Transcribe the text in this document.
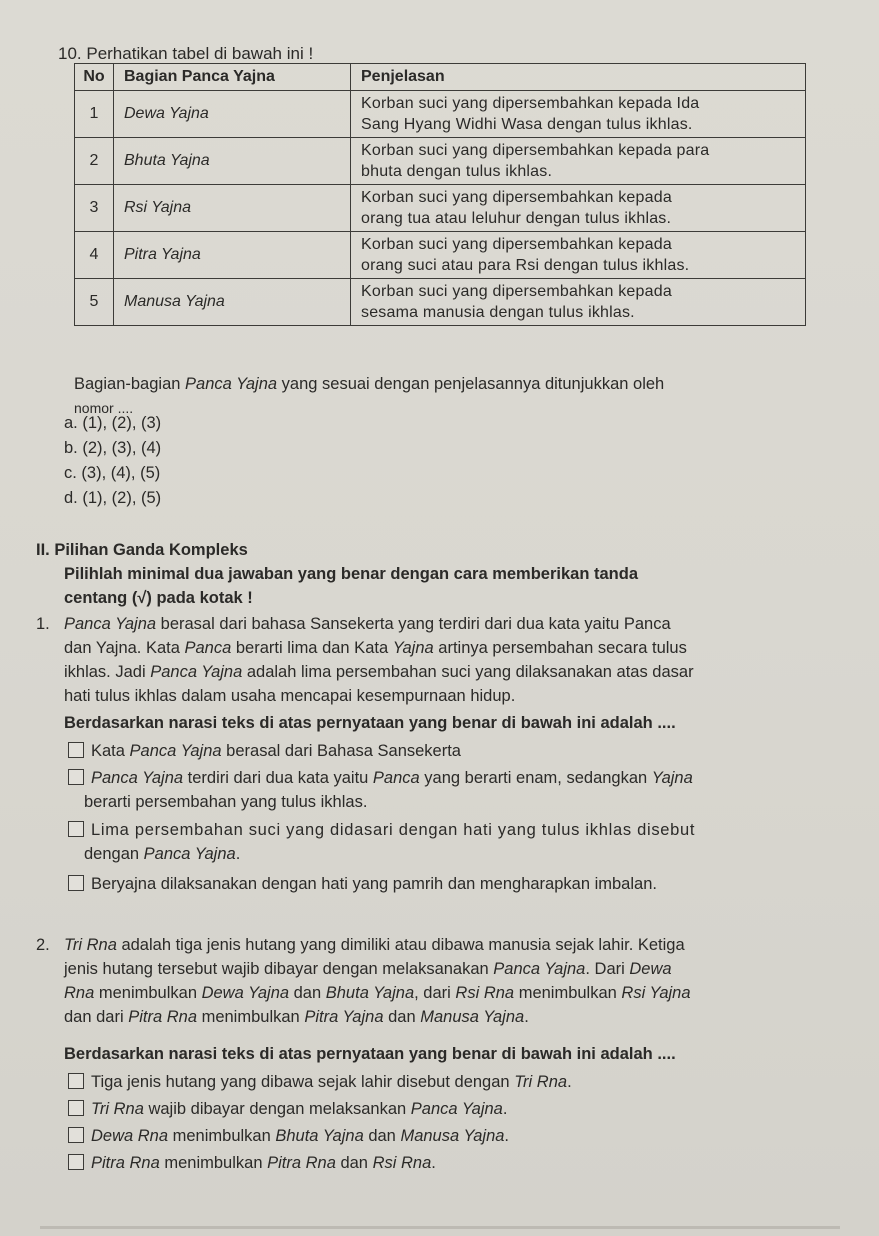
10. Perhatikan tabel di bawah ini !
No	Bagian Panca Yajna	Penjelasan
1	Dewa Yajna	Korban suci yang dipersembahkan kepada Ida
Sang Hyang Widhi Wasa dengan tulus ikhlas.
2	Bhuta Yajna	Korban suci yang dipersembahkan kepada para
bhuta dengan tulus ikhlas.
3	Rsi Yajna	Korban suci yang dipersembahkan kepada
orang tua atau leluhur dengan tulus ikhlas.
4	Pitra Yajna	Korban suci yang dipersembahkan kepada
orang suci atau para Rsi dengan tulus ikhlas.
5	Manusa Yajna	Korban suci yang dipersembahkan kepada
sesama manusia dengan tulus ikhlas.
Bagian-bagian Panca Yajna yang sesuai dengan penjelasannya ditunjukkan oleh
nomor ....
a. (1), (2), (3)
b. (2), (3), (4)
c. (3), (4), (5)
d. (1), (2), (5)
II. Pilihan Ganda Kompleks
Pilihlah minimal dua jawaban yang benar dengan cara memberikan tanda
centang (√) pada kotak !
1. Panca Yajna berasal dari bahasa Sansekerta yang terdiri dari dua kata yaitu Panca
dan Yajna. Kata Panca berarti lima dan Kata Yajna artinya persembahan secara tulus
ikhlas. Jadi Panca Yajna adalah lima persembahan suci yang dilaksanakan atas dasar
hati tulus ikhlas dalam usaha mencapai kesempurnaan hidup.
Berdasarkan narasi teks di atas pernyataan yang benar di bawah ini adalah ....
Kata Panca Yajna berasal dari Bahasa Sansekerta
Panca Yajna terdiri dari dua kata yaitu Panca yang berarti enam, sedangkan Yajna
berarti persembahan yang tulus ikhlas.
Lima persembahan suci yang didasari dengan hati yang tulus ikhlas disebut
dengan Panca Yajna.
Beryajna dilaksanakan dengan hati yang pamrih dan mengharapkan imbalan.
2. Tri Rna adalah tiga jenis hutang yang dimiliki atau dibawa manusia sejak lahir. Ketiga
jenis hutang tersebut wajib dibayar dengan melaksanakan Panca Yajna. Dari Dewa
Rna menimbulkan Dewa Yajna dan Bhuta Yajna, dari Rsi Rna menimbulkan Rsi Yajna
dan dari Pitra Rna menimbulkan Pitra Yajna dan Manusa Yajna.
Berdasarkan narasi teks di atas pernyataan yang benar di bawah ini adalah ....
Tiga jenis hutang yang dibawa sejak lahir disebut dengan Tri Rna.
Tri Rna wajib dibayar dengan melaksankan Panca Yajna.
Dewa Rna menimbulkan Bhuta Yajna dan Manusa Yajna.
Pitra Rna menimbulkan Pitra Rna dan Rsi Rna.
